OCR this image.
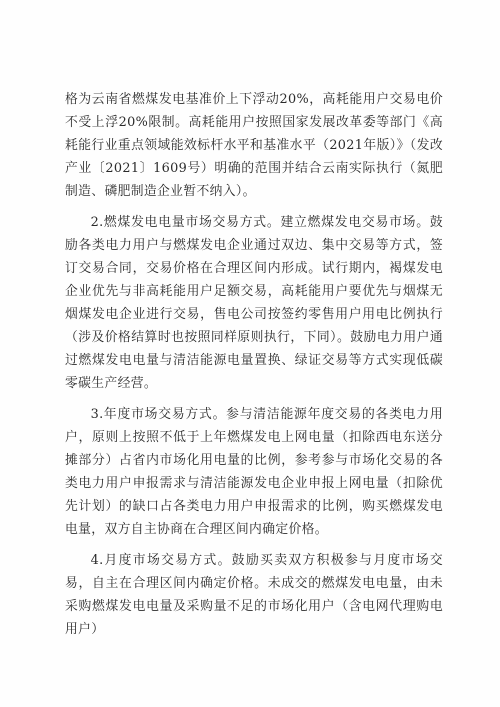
格为云南省燃煤发电基准价上下浮动20%，高耗能用户交易电价不受上浮20%限制。高耗能用户按照国家发展改革委等部门《高耗能行业重点领域能效标杆水平和基准水平（2021年版）》（发改产业〔2021〕1609号）明确的范围并结合云南实际执行（氮肥制造、磷肥制造企业暂不纳入）。

2.燃煤发电电量市场交易方式。建立燃煤发电交易市场。鼓励各类电力用户与燃煤发电企业通过双边、集中交易等方式，签订交易合同，交易价格在合理区间内形成。试行期内，褐煤发电企业优先与非高耗能用户足额交易，高耗能用户要优先与烟煤无烟煤发电企业进行交易，售电公司按签约零售用户用电比例执行（涉及价格结算时也按照同样原则执行，下同）。鼓励电力用户通过燃煤发电电量与清洁能源电量置换、绿证交易等方式实现低碳零碳生产经营。

3.年度市场交易方式。参与清洁能源年度交易的各类电力用户，原则上按照不低于上年燃煤发电上网电量（扣除西电东送分摊部分）占省内市场化用电量的比例，参考参与市场化交易的各类电力用户申报需求与清洁能源发电企业申报上网电量（扣除优先计划）的缺口占各类电力用户申报需求的比例，购买燃煤发电电量，双方自主协商在合理区间内确定价格。

4.月度市场交易方式。鼓励买卖双方积极参与月度市场交易，自主在合理区间内确定价格。未成交的燃煤发电电量，由未采购燃煤发电电量及采购量不足的市场化用户（含电网代理购电用户）
